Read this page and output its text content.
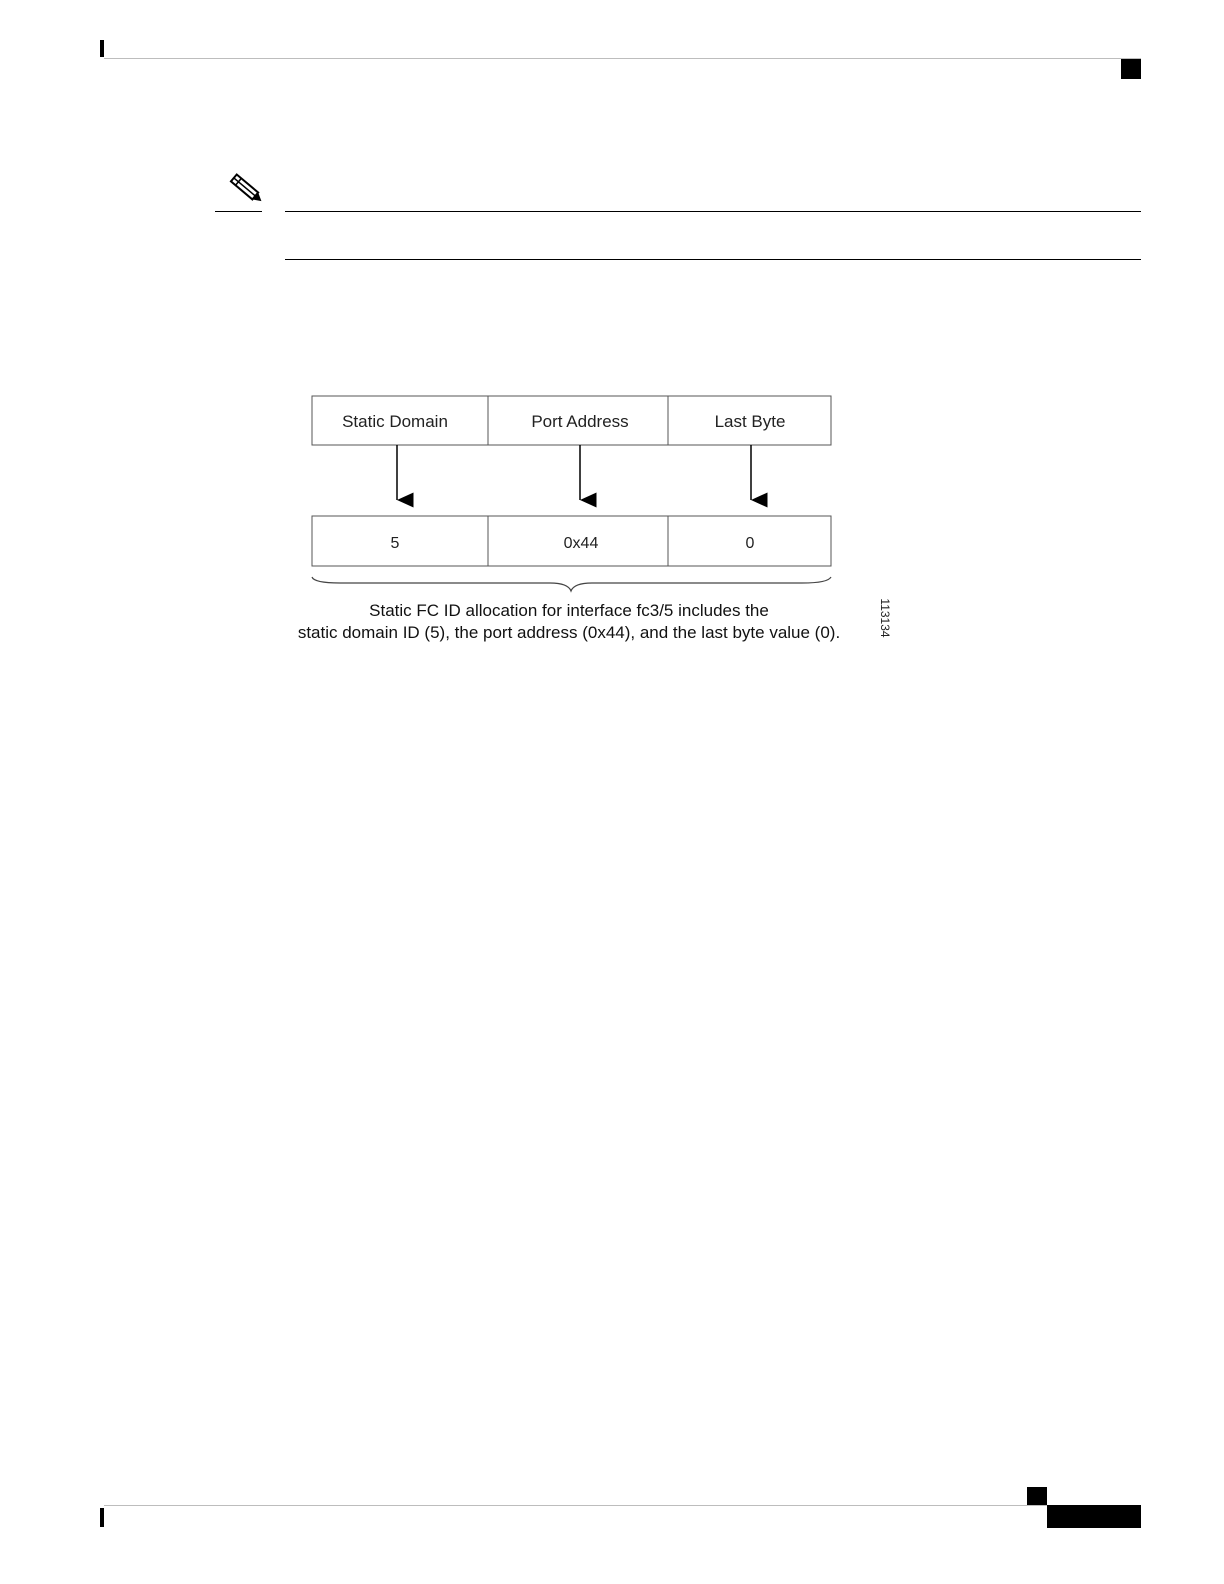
Static Domain	Port Address	Last Byte
5	0x44	0
Static FC ID allocation for interface fc3/5 includes the
static domain ID (5), the port address (0x44), and the last byte value (0).	113134
